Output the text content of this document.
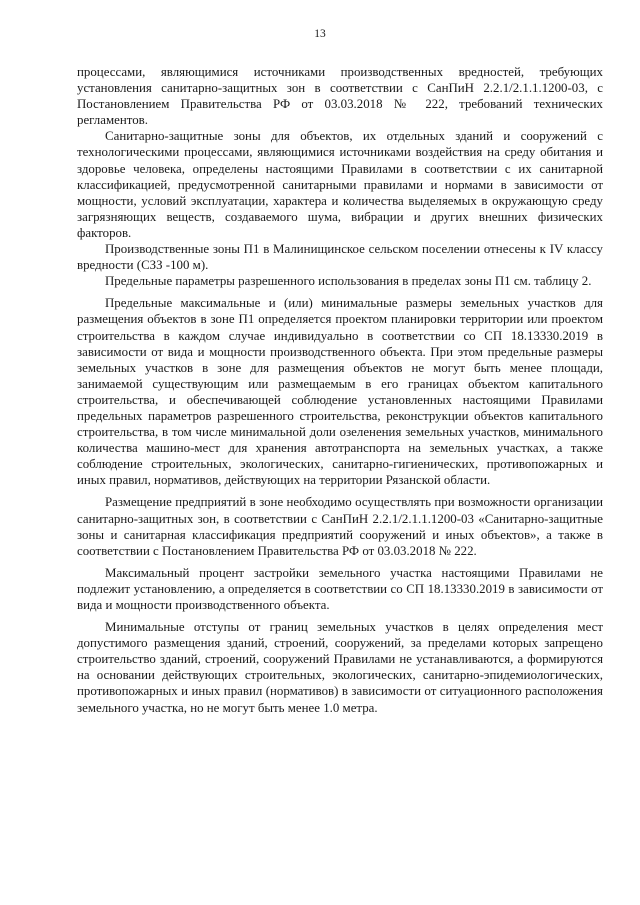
13

процессами, являющимися источниками производственных вредностей, требующих установления санитарно-защитных зон в соответствии с СанПиН 2.2.1/2.1.1.1200-03, с Постановлением Правительства РФ от 03.03.2018 № 222, требований технических регламентов.

Санитарно-защитные зоны для объектов, их отдельных зданий и сооружений с технологическими процессами, являющимися источниками воздействия на среду обитания и здоровье человека, определены настоящими Правилами в соответствии с их санитарной классификацией, предусмотренной санитарными правилами и нормами в зависимости от мощности, условий эксплуатации, характера и количества выделяемых в окружающую среду загрязняющих веществ, создаваемого шума, вибрации и других внешних физических факторов.

Производственные зоны П1 в Малинищинское сельском поселении отнесены к IV классу вредности (СЗЗ -100 м).

Предельные параметры разрешенного использования в пределах зоны П1 см. таблицу 2.

Предельные максимальные и (или) минимальные размеры земельных участков для размещения объектов в зоне П1 определяется проектом планировки территории или проектом строительства в каждом случае индивидуально в соответствии со СП 18.13330.2019 в зависимости от вида и мощности производственного объекта. При этом предельные размеры земельных участков в зоне для размещения объектов не могут быть менее площади, занимаемой существующим или размещаемым в его границах объектом капитального строительства, и обеспечивающей соблюдение установленных настоящими Правилами предельных параметров разрешенного строительства, реконструкции объектов капитального строительства, в том числе минимальной доли озеленения земельных участков, минимального количества машино-мест для хранения автотранспорта на земельных участках, а также соблюдение строительных, экологических, санитарно-гигиенических, противопожарных и иных правил, нормативов, действующих на территории Рязанской области.

Размещение предприятий в зоне необходимо осуществлять при возможности организации санитарно-защитных зон, в соответствии с СанПиН 2.2.1/2.1.1.1200-03 «Санитарно-защитные зоны и санитарная классификация предприятий сооружений и иных объектов», а также в соответствии с Постановлением Правительства РФ от 03.03.2018 № 222.

Максимальный процент застройки земельного участка настоящими Правилами не подлежит установлению, а определяется в соответствии со СП 18.13330.2019 в зависимости от вида и мощности производственного объекта.

Минимальные отступы от границ земельных участков в целях определения мест допустимого размещения зданий, строений, сооружений, за пределами которых запрещено строительство зданий, строений, сооружений Правилами не устанавливаются, а формируются на основании действующих строительных, экологических, санитарно-эпидемиологических, противопожарных и иных правил (нормативов) в зависимости от ситуационного расположения земельного участка, но не могут быть менее 1.0 метра.
